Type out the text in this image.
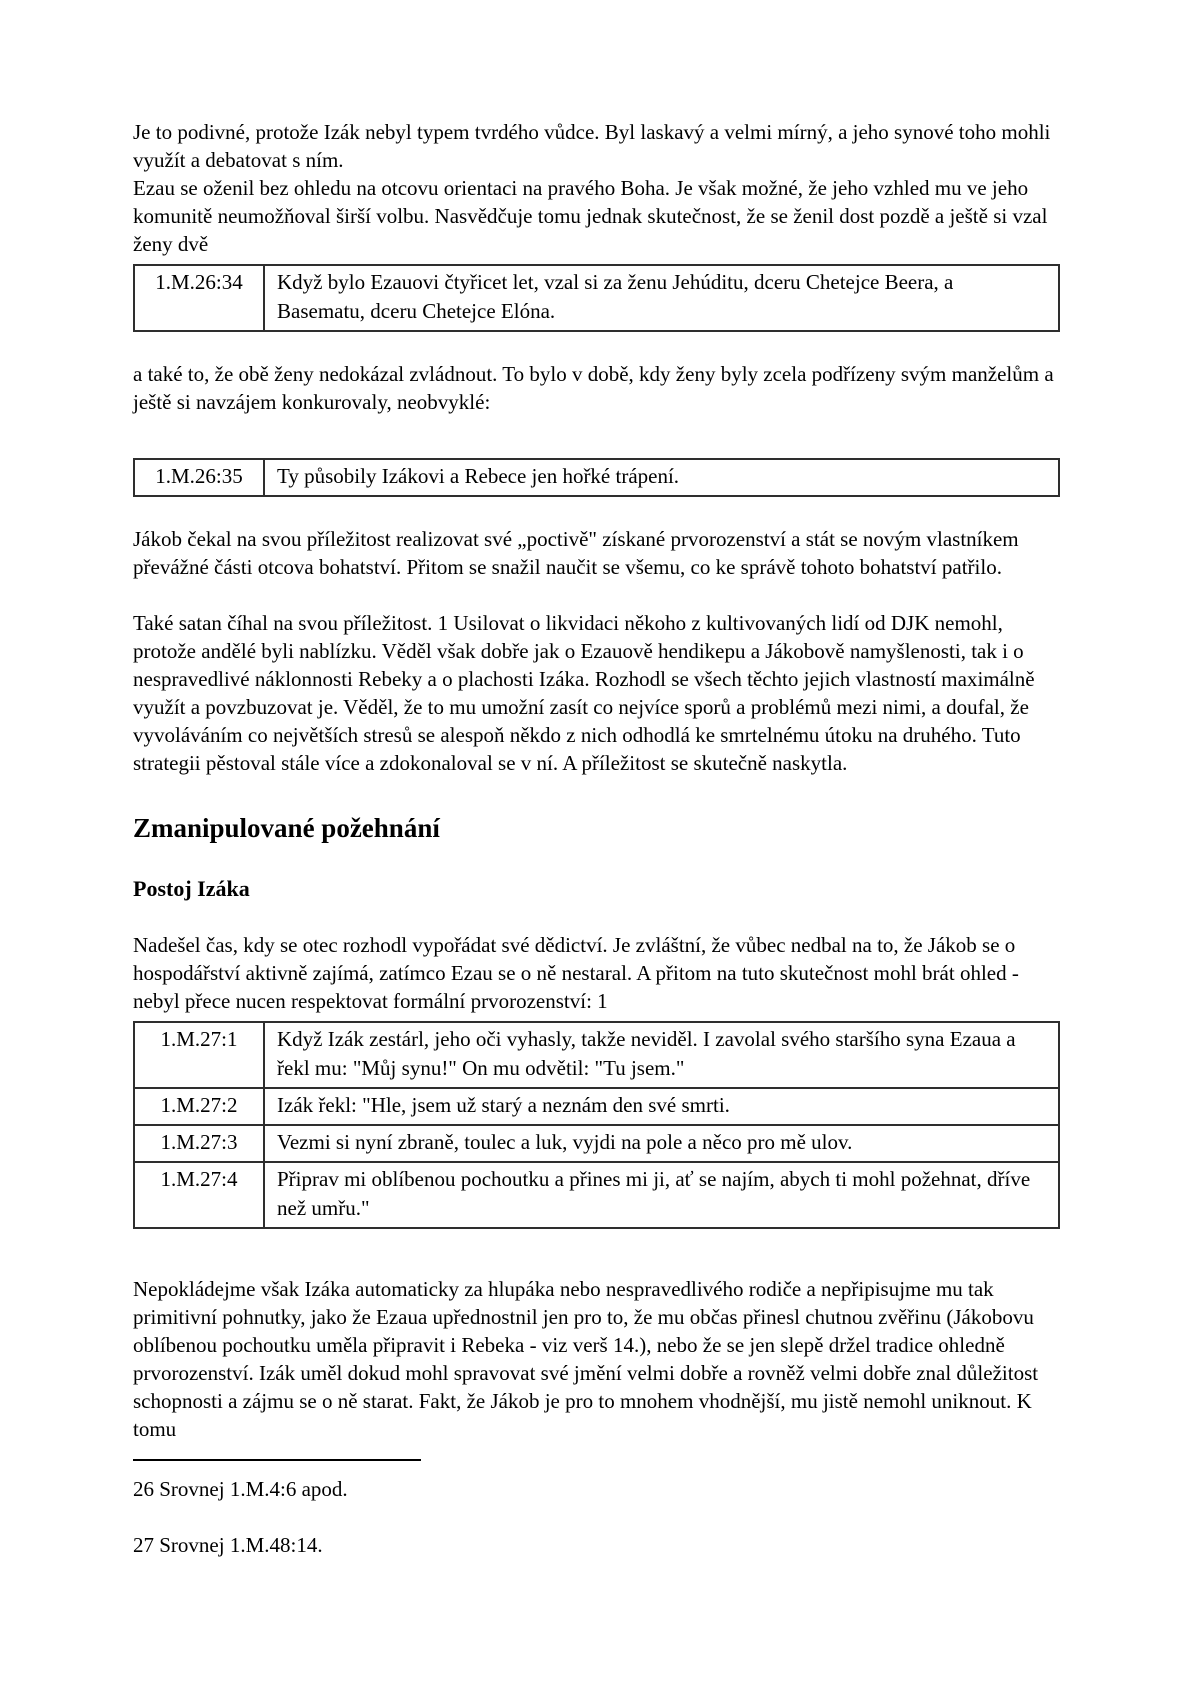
Je to podivné, protože Izák nebyl typem tvrdého vůdce. Byl laskavý a velmi mírný, a jeho synové toho mohli využít a debatovat s ním.

Ezau se oženil bez ohledu na otcovu orientaci na pravého Boha. Je však možné, že jeho vzhled mu ve jeho komunitě neumožňoval širší volbu. Nasvědčuje tomu jednak skutečnost, že se ženil dost pozdě a ještě si vzal ženy dvě

1.M.26:34	Když bylo Ezauovi čtyřicet let, vzal si za ženu Jehúditu, dceru Chetejce Beera, a Basematu, dceru Chetejce Elóna.

a také to, že obě ženy nedokázal zvládnout. To bylo v době, kdy ženy byly zcela podřízeny svým manželům a ještě si navzájem konkurovaly, neobvyklé:

1.M.26:35	Ty působily Izákovi a Rebece jen hořké trápení.

Jákob čekal na svou příležitost realizovat své „poctivě" získané prvorozenství a stát se novým vlastníkem převážné části otcova bohatství. Přitom se snažil naučit se všemu, co ke správě tohoto bohatství patřilo.

Také satan číhal na svou příležitost. 1 Usilovat o likvidaci někoho z kultivovaných lidí od DJK nemohl, protože andělé byli nablízku. Věděl však dobře jak o Ezauově hendikepu a Jákobově namyšlenosti, tak i o nespravedlivé náklonnosti Rebeky a o plachosti Izáka. Rozhodl se všech těchto jejich vlastností maximálně využít a povzbuzovat je. Věděl, že to mu umožní zasít co nejvíce sporů a problémů mezi nimi, a doufal, že vyvoláváním co největších stresů se alespoň někdo z nich odhodlá ke smrtelnému útoku na druhého. Tuto strategii pěstoval stále více a zdokonaloval se v ní. A příležitost se skutečně naskytla.

Zmanipulované požehnání
Postoj Izáka

Nadešel čas, kdy se otec rozhodl vypořádat své dědictví. Je zvláštní, že vůbec nedbal na to, že Jákob se o hospodářství aktivně zajímá, zatímco Ezau se o ně nestaral. A přitom na tuto skutečnost mohl brát ohled - nebyl přece nucen respektovat formální prvorozenství: 1

1.M.27:1	Když Izák zestárl, jeho oči vyhasly, takže neviděl. I zavolal svého staršího syna Ezaua a řekl mu: "Můj synu!" On mu odvětil: "Tu jsem."
1.M.27:2	Izák řekl: "Hle, jsem už starý a neznám den své smrti.
1.M.27:3	Vezmi si nyní zbraně, toulec a luk, vyjdi na pole a něco pro mě ulov.
1.M.27:4	Připrav mi oblíbenou pochoutku a přines mi ji, ať se najím, abych ti mohl požehnat, dříve než umřu."

Nepokládejme však Izáka automaticky za hlupáka nebo nespravedlivého rodiče a nepřipisujme mu tak primitivní pohnutky, jako že Ezaua upřednostnil jen pro to, že mu občas přinesl chutnou zvěřinu (Jákobovu oblíbenou pochoutku uměla připravit i Rebeka - viz verš 14.), nebo že se jen slepě držel tradice ohledně prvorozenství. Izák uměl dokud mohl spravovat své jmění velmi dobře a rovněž velmi dobře znal důležitost schopnosti a zájmu se o ně starat. Fakt, že Jákob je pro to mnohem vhodnější, mu jistě nemohl uniknout. K tomu

26 Srovnej 1.M.4:6 apod.

27 Srovnej 1.M.48:14.
